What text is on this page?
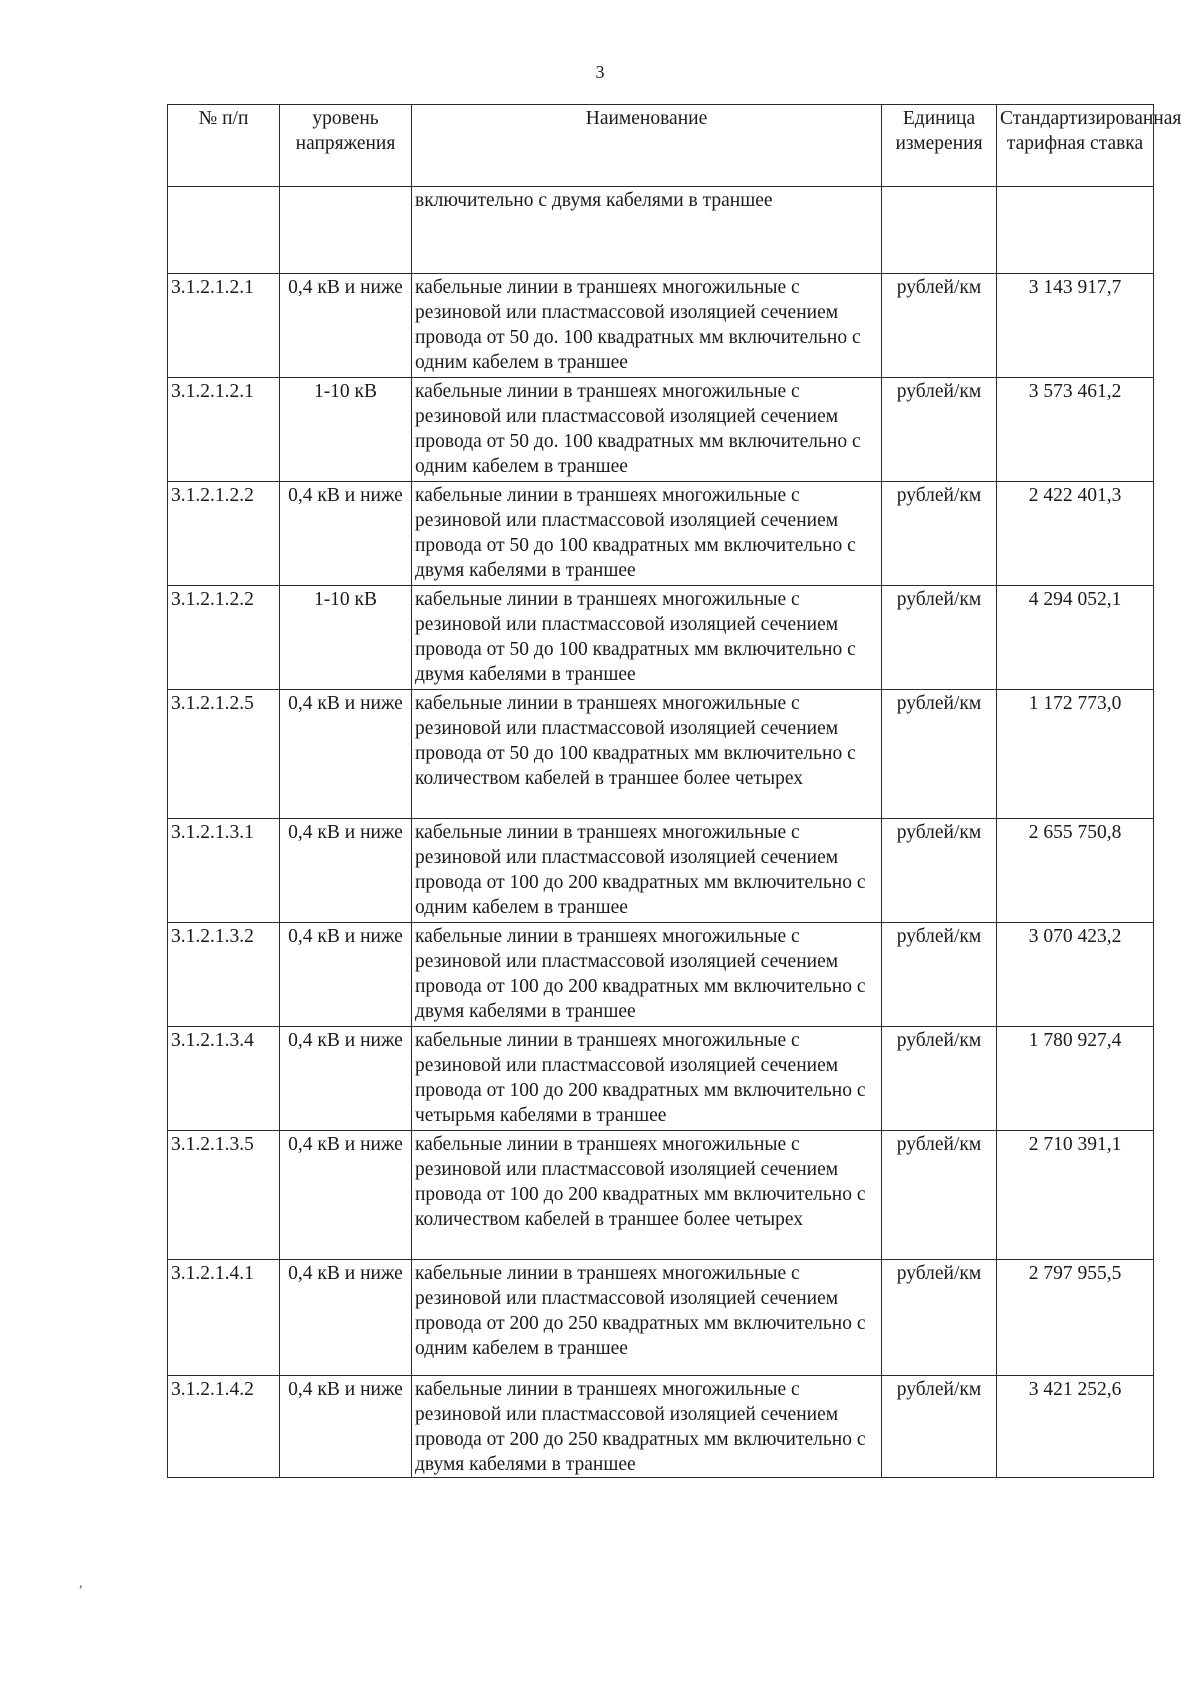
3
№ п/п	уровень напряжения	Наименование	Единица измерения	Стандартизированная тарифная ставка
		включительно с двумя кабелями в траншее		
3.1.2.1.2.1	0,4 кВ и ниже	кабельные линии в траншеях многожильные с резиновой или пластмассовой изоляцией сечением провода от 50 до. 100 квадратных мм включительно с одним кабелем в траншее	рублей/км	3 143 917,7
3.1.2.1.2.1	1-10 кВ	кабельные линии в траншеях многожильные с резиновой или пластмассовой изоляцией сечением провода от 50 до. 100 квадратных мм включительно с одним кабелем в траншее	рублей/км	3 573 461,2
3.1.2.1.2.2	0,4 кВ и ниже	кабельные линии в траншеях многожильные с резиновой или пластмассовой изоляцией сечением провода от 50 до 100 квадратных мм включительно с двумя кабелями в траншее	рублей/км	2 422 401,3
3.1.2.1.2.2	1-10 кВ	кабельные линии в траншеях многожильные с резиновой или пластмассовой изоляцией сечением провода от 50 до 100 квадратных мм включительно с двумя кабелями в траншее	рублей/км	4 294 052,1
3.1.2.1.2.5	0,4 кВ и ниже	кабельные линии в траншеях многожильные с резиновой или пластмассовой изоляцией сечением провода от 50 до 100 квадратных мм включительно с количеством кабелей в траншее более четырех	рублей/км	1 172 773,0
3.1.2.1.3.1	0,4 кВ и ниже	кабельные линии в траншеях многожильные с резиновой или пластмассовой изоляцией сечением провода от 100 до 200 квадратных мм включительно с одним кабелем в траншее	рублей/км	2 655 750,8
3.1.2.1.3.2	0,4 кВ и ниже	кабельные линии в траншеях многожильные с резиновой или пластмассовой изоляцией сечением провода от 100 до 200 квадратных мм включительно с двумя кабелями в траншее	рублей/км	3 070 423,2
3.1.2.1.3.4	0,4 кВ и ниже	кабельные линии в траншеях многожильные с резиновой или пластмассовой изоляцией сечением провода от 100 до 200 квадратных мм включительно с четырьмя кабелями в траншее	рублей/км	1 780 927,4
3.1.2.1.3.5	0,4 кВ и ниже	кабельные линии в траншеях многожильные с резиновой или пластмассовой изоляцией сечением провода от 100 до 200 квадратных мм включительно с количеством кабелей в траншее более четырех	рублей/км	2 710 391,1
3.1.2.1.4.1	0,4 кВ и ниже	кабельные линии в траншеях многожильные с резиновой или пластмассовой изоляцией сечением провода от 200 до 250 квадратных мм включительно с одним кабелем в траншее	рублей/км	2 797 955,5
3.1.2.1.4.2	0,4 кВ и ниже	кабельные линии в траншеях многожильные с резиновой или пластмассовой изоляцией сечением провода от 200 до 250 квадратных мм включительно с двумя кабелями в траншее	рублей/км	3 421 252,6
,
